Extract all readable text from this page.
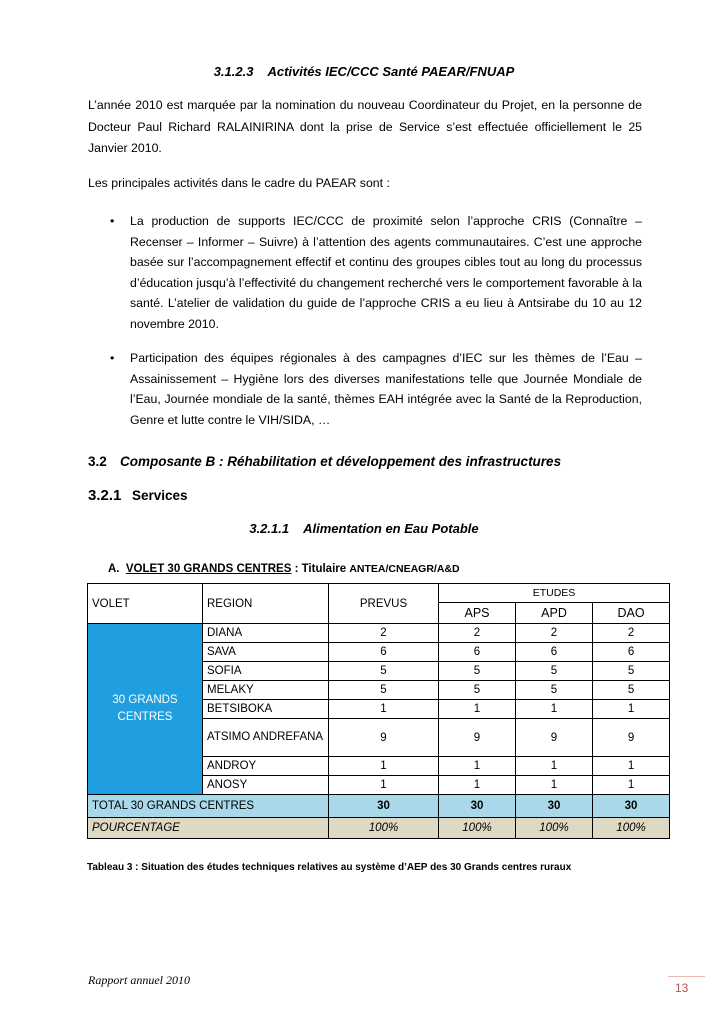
3.1.2.3 Activités IEC/CCC Santé PAEAR/FNUAP
L’année 2010 est marquée par la nomination du nouveau Coordinateur du Projet, en la personne de Docteur Paul Richard RALAINIRINA dont la prise de Service s’est effectuée officiellement le 25 Janvier 2010.
Les principales activités dans le cadre du PAEAR sont :
• La production de supports IEC/CCC de proximité selon l’approche CRIS (Connaître – Recenser – Informer – Suivre) à l’attention des agents communautaires. C’est une approche basée sur l’accompagnement effectif et continu des groupes cibles tout au long du processus d’éducation jusqu’à l’effectivité du changement recherché vers le comportement favorable à la santé. L’atelier de validation du guide de l’approche CRIS a eu lieu à Antsirabe du 10 au 12 novembre 2010.
• Participation des équipes régionales à des campagnes d’IEC sur les thèmes de l’Eau – Assainissement – Hygiène lors des diverses manifestations telle que Journée Mondiale de l’Eau, Journée mondiale de la santé, thèmes EAH intégrée avec la Santé de la Reproduction, Genre et lutte contre le VIH/SIDA, …
3.2 Composante B : Réhabilitation et développement des infrastructures
3.2.1 Services
3.2.1.1 Alimentation en Eau Potable
A. VOLET 30 GRANDS CENTRES : Titulaire ANTEA/CNEAGR/A&D
VOLET	REGION	PREVUS	ETUDES		
			APS	APD	DAO
30 GRANDS CENTRES	DIANA	2	2	2	2
	SAVA	6	6	6	6
	SOFIA	5	5	5	5
	MELAKY	5	5	5	5
	BETSIBOKA	1	1	1	1
	ATSIMO ANDREFANA	9	9	9	9
	ANDROY	1	1	1	1
	ANOSY	1	1	1	1
TOTAL 30 GRANDS CENTRES		30	30	30	30
POURCENTAGE		100%	100%	100%	100%
Tableau 3 : Situation des études techniques relatives au système d’AEP des 30 Grands centres ruraux
Rapport annuel 2010
13
